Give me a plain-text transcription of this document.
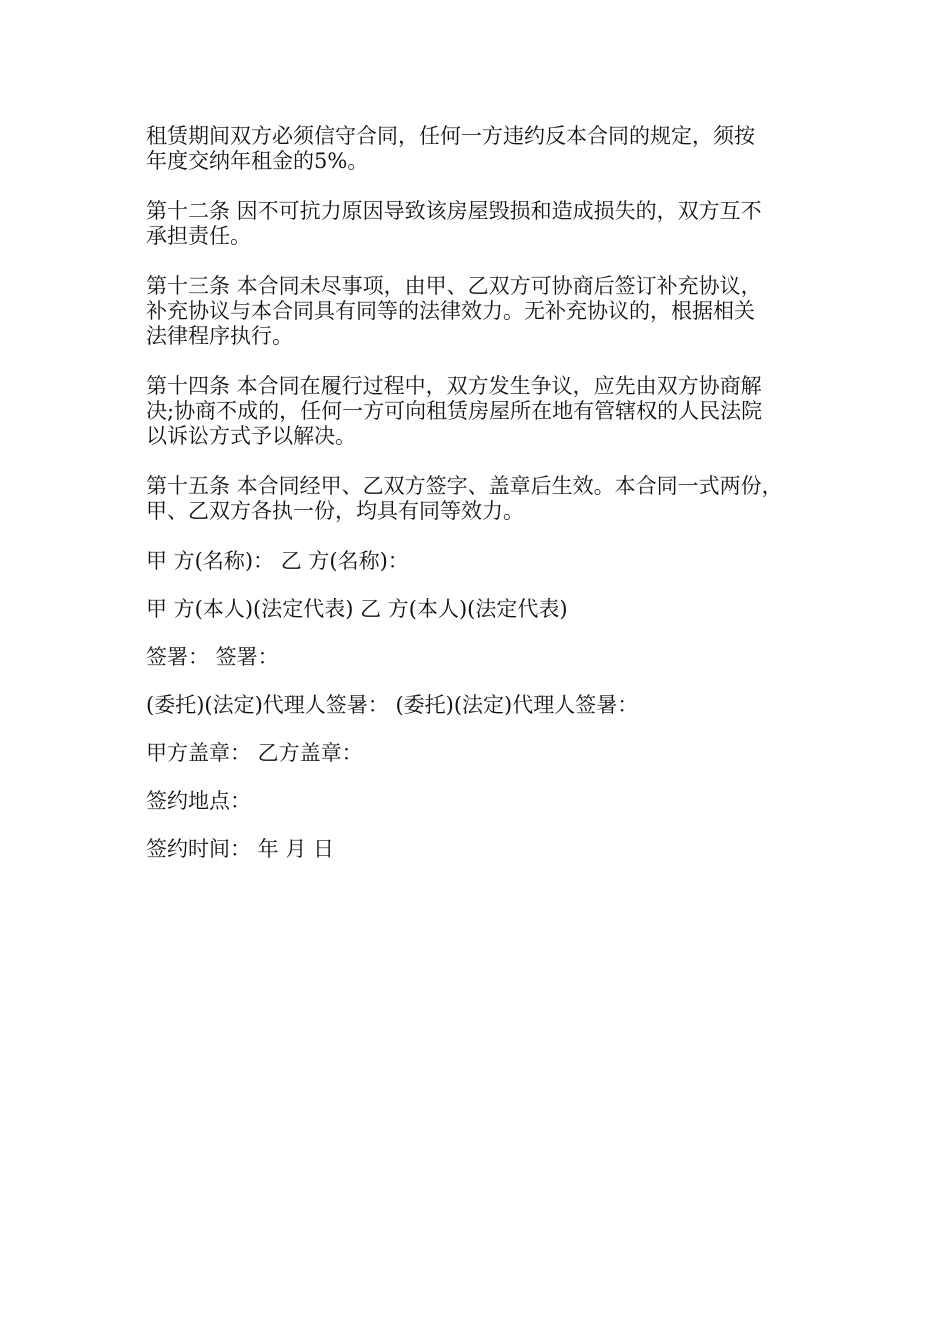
租赁期间双方必须信守合同，任何一方违约反本合同的规定，须按
年度交纳年租金的5%。
第十二条 因不可抗力原因导致该房屋毁损和造成损失的，双方互不
承担责任。
第十三条 本合同未尽事项，由甲、乙双方可协商后签订补充协议，
补充协议与本合同具有同等的法律效力。无补充协议的，根据相关
法律程序执行。
第十四条 本合同在履行过程中，双方发生争议，应先由双方协商解
决;协商不成的，任何一方可向租赁房屋所在地有管辖权的人民法院
以诉讼方式予以解决。
第十五条 本合同经甲、乙双方签字、盖章后生效。本合同一式两份，
甲、乙双方各执一份，均具有同等效力。
甲 方(名称)： 乙 方(名称)：
甲 方(本人)(法定代表) 乙 方(本人)(法定代表)
签署： 签署：
(委托)(法定)代理人签暑： (委托)(法定)代理人签暑：
甲方盖章： 乙方盖章：
签约地点：
签约时间： 年 月 日
